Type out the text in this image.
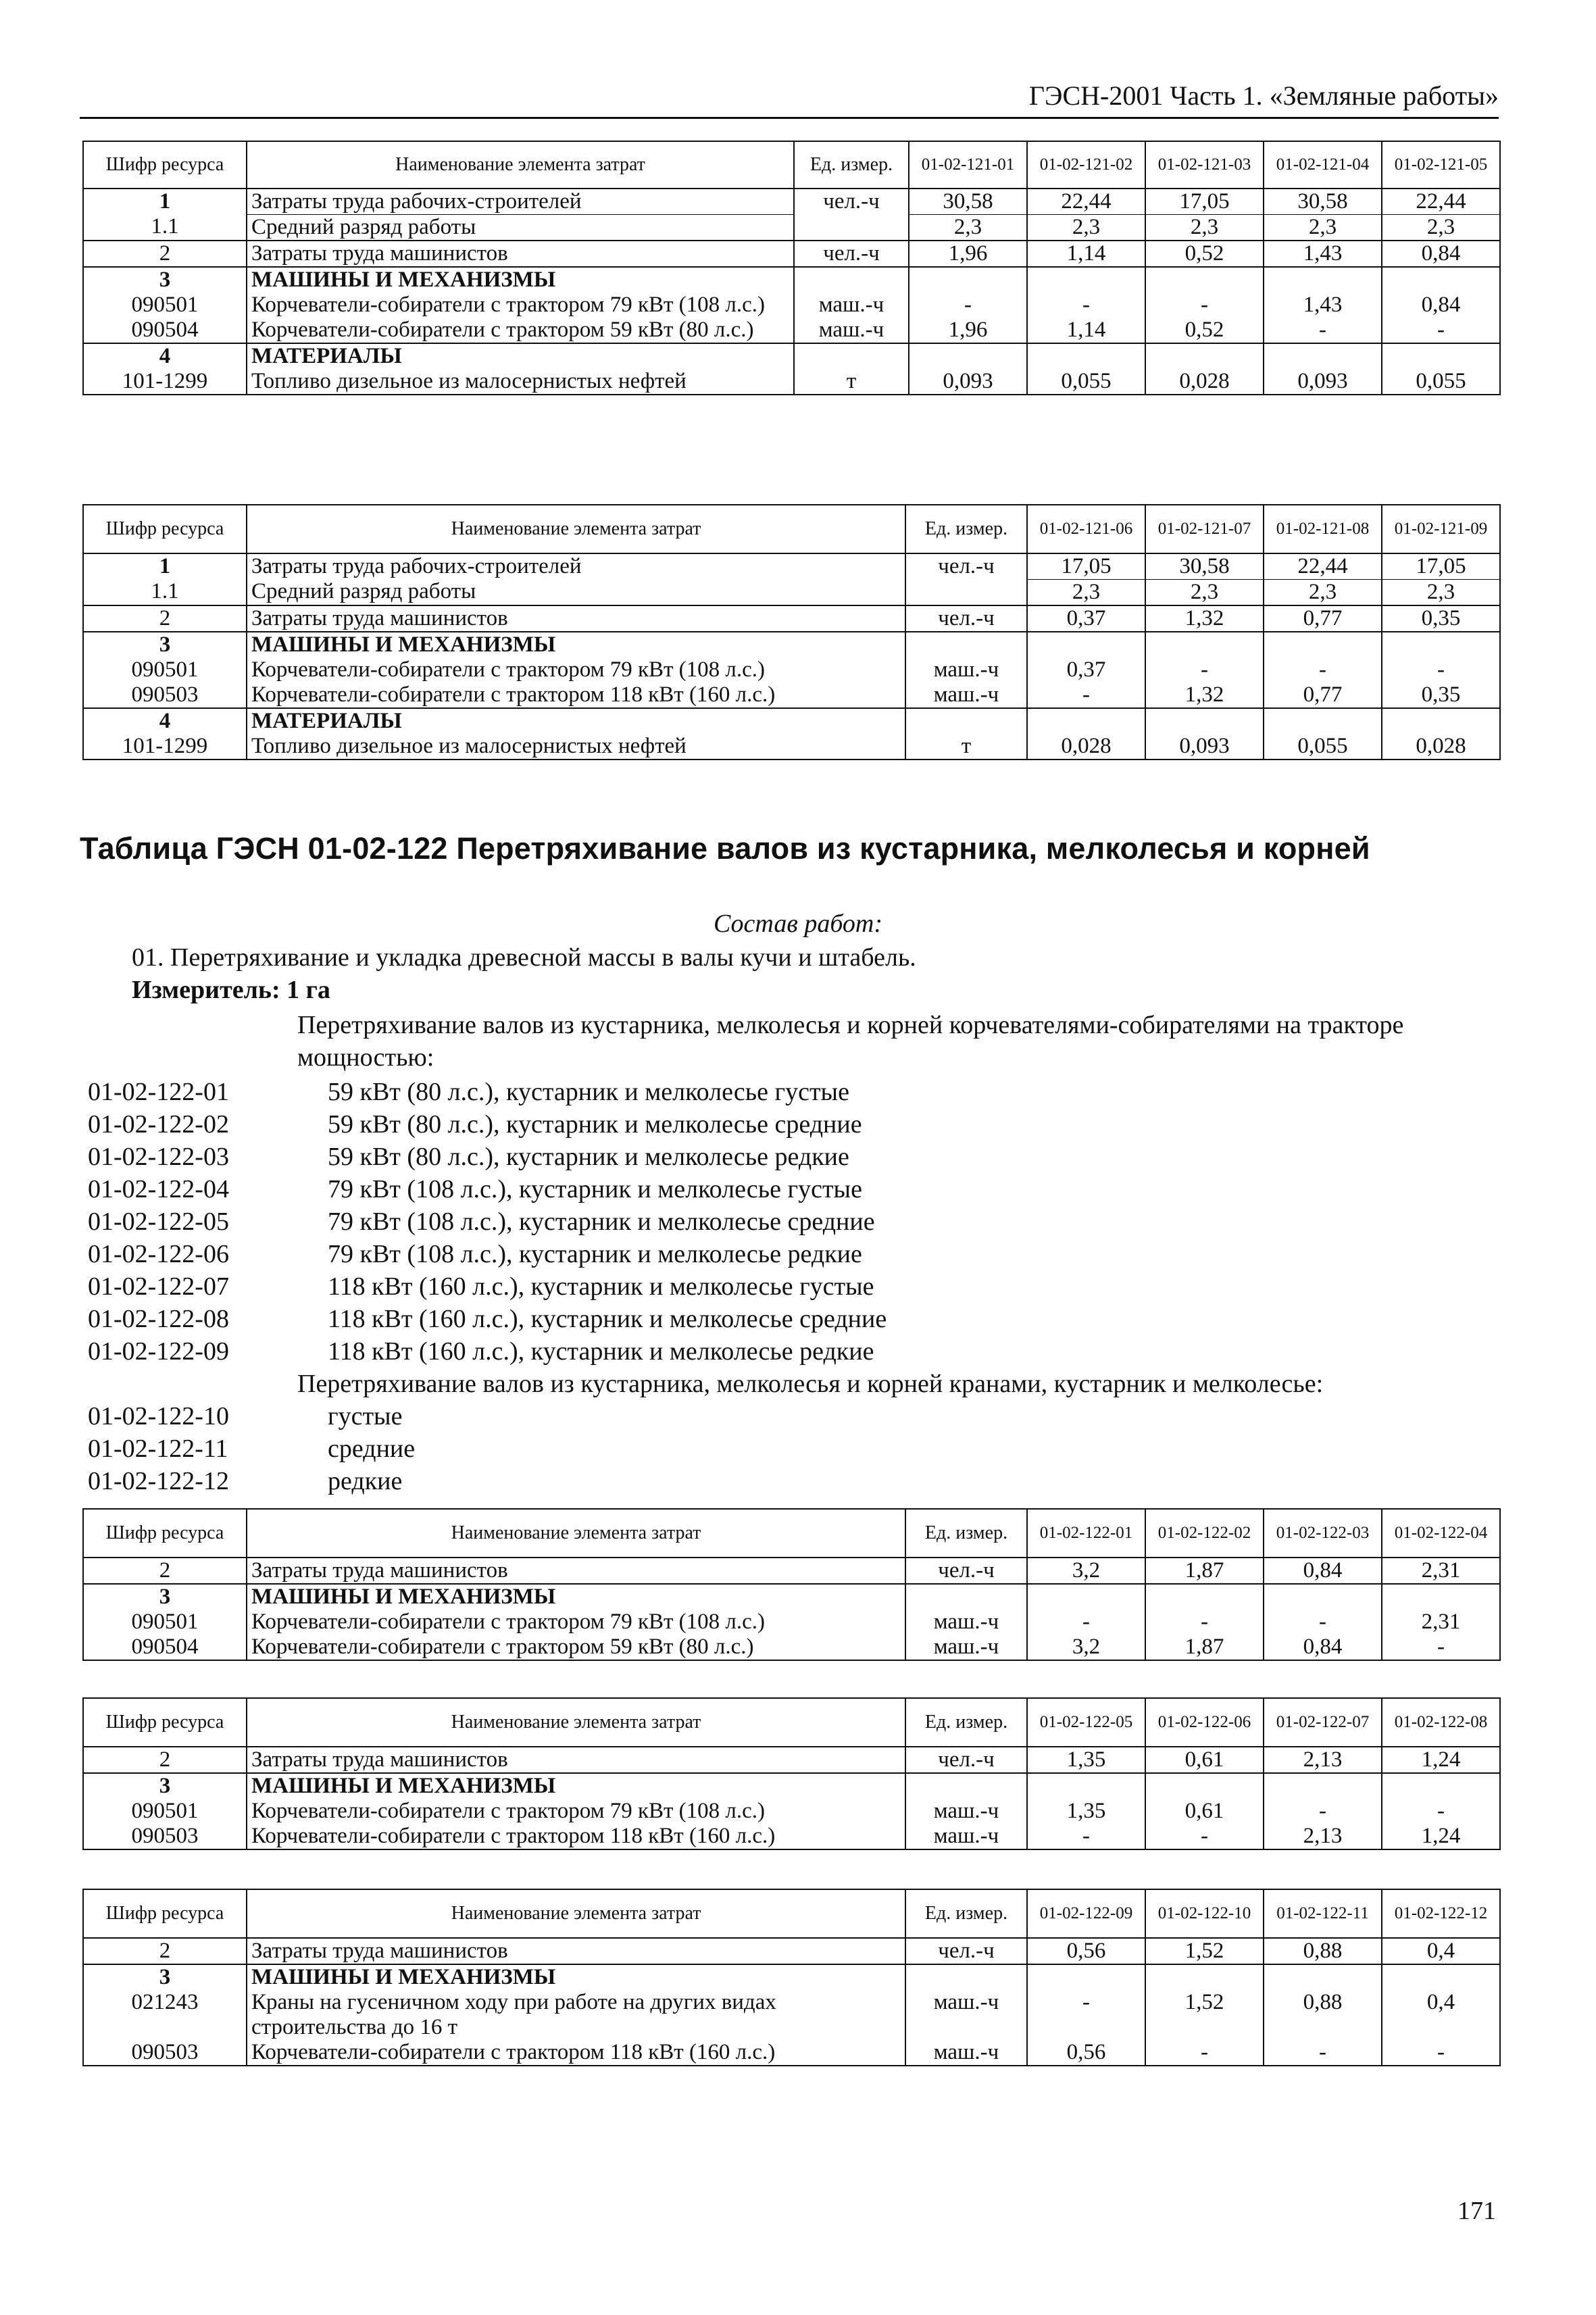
ГЭСН-2001 Часть 1. «Земляные работы»
Шифр ресурса	Наименование элемента затрат	Ед. измер.	01-02-121-01	01-02-121-02	01-02-121-03	01-02-121-04	01-02-121-05
1	Затраты труда рабочих-строителей	чел.-ч	30,58	22,44	17,05	30,58	22,44
1.1	Средний разряд работы		2,3	2,3	2,3	2,3	2,3
2	Затраты труда машинистов	чел.-ч	1,96	1,14	0,52	1,43	0,84
3	МАШИНЫ И МЕХАНИЗМЫ						
090501	Корчеватели-собиратели с трактором 79 кВт (108 л.с.)	маш.-ч	-	-	-	1,43	0,84
090504	Корчеватели-собиратели с трактором 59 кВт (80 л.с.)	маш.-ч	1,96	1,14	0,52	-	-
4	МАТЕРИАЛЫ						
101-1299	Топливо дизельное из малосернистых нефтей	т	0,093	0,055	0,028	0,093	0,055
Шифр ресурса	Наименование элемента затрат	Ед. измер.	01-02-121-06	01-02-121-07	01-02-121-08	01-02-121-09
1	Затраты труда рабочих-строителей	чел.-ч	17,05	30,58	22,44	17,05
1.1	Средний разряд работы		2,3	2,3	2,3	2,3
2	Затраты труда машинистов	чел.-ч	0,37	1,32	0,77	0,35
3	МАШИНЫ И МЕХАНИЗМЫ					
090501	Корчеватели-собиратели с трактором 79 кВт (108 л.с.)	маш.-ч	0,37	-	-	-
090503	Корчеватели-собиратели с трактором 118 кВт (160 л.с.)	маш.-ч	-	1,32	0,77	0,35
4	МАТЕРИАЛЫ					
101-1299	Топливо дизельное из малосернистых нефтей	т	0,028	0,093	0,055	0,028
Таблица ГЭСН 01-02-122 Перетряхивание валов из кустарника, мелколесья и корней
Состав работ:
01. Перетряхивание и укладка древесной массы в валы кучи и штабель.
Измеритель: 1 га
Перетряхивание валов из кустарника, мелколесья и корней корчевателями-собирателями на тракторе мощностью:
01-02-122-01	59 кВт (80 л.с.), кустарник и мелколесье густые
01-02-122-02	59 кВт (80 л.с.), кустарник и мелколесье средние
01-02-122-03	59 кВт (80 л.с.), кустарник и мелколесье редкие
01-02-122-04	79 кВт (108 л.с.), кустарник и мелколесье густые
01-02-122-05	79 кВт (108 л.с.), кустарник и мелколесье средние
01-02-122-06	79 кВт (108 л.с.), кустарник и мелколесье редкие
01-02-122-07	118 кВт (160 л.с.), кустарник и мелколесье густые
01-02-122-08	118 кВт (160 л.с.), кустарник и мелколесье средние
01-02-122-09	118 кВт (160 л.с.), кустарник и мелколесье редкие
Перетряхивание валов из кустарника, мелколесья и корней кранами, кустарник и мелколесье:
01-02-122-10	густые
01-02-122-11	средние
01-02-122-12	редкие
Шифр ресурса	Наименование элемента затрат	Ед. измер.	01-02-122-01	01-02-122-02	01-02-122-03	01-02-122-04
2	Затраты труда машинистов	чел.-ч	3,2	1,87	0,84	2,31
3	МАШИНЫ И МЕХАНИЗМЫ					
090501	Корчеватели-собиратели с трактором 79 кВт (108 л.с.)	маш.-ч	-	-	-	2,31
090504	Корчеватели-собиратели с трактором 59 кВт (80 л.с.)	маш.-ч	3,2	1,87	0,84	-
Шифр ресурса	Наименование элемента затрат	Ед. измер.	01-02-122-05	01-02-122-06	01-02-122-07	01-02-122-08
2	Затраты труда машинистов	чел.-ч	1,35	0,61	2,13	1,24
3	МАШИНЫ И МЕХАНИЗМЫ					
090501	Корчеватели-собиратели с трактором 79 кВт (108 л.с.)	маш.-ч	1,35	0,61	-	-
090503	Корчеватели-собиратели с трактором 118 кВт (160 л.с.)	маш.-ч	-	-	2,13	1,24
Шифр ресурса	Наименование элемента затрат	Ед. измер.	01-02-122-09	01-02-122-10	01-02-122-11	01-02-122-12
2	Затраты труда машинистов	чел.-ч	0,56	1,52	0,88	0,4
3	МАШИНЫ И МЕХАНИЗМЫ					
021243	Краны на гусеничном ходу при работе на других видах строительства до 16 т	маш.-ч	-	1,52	0,88	0,4
090503	Корчеватели-собиратели с трактором 118 кВт (160 л.с.)	маш.-ч	0,56	-	-	-
171
